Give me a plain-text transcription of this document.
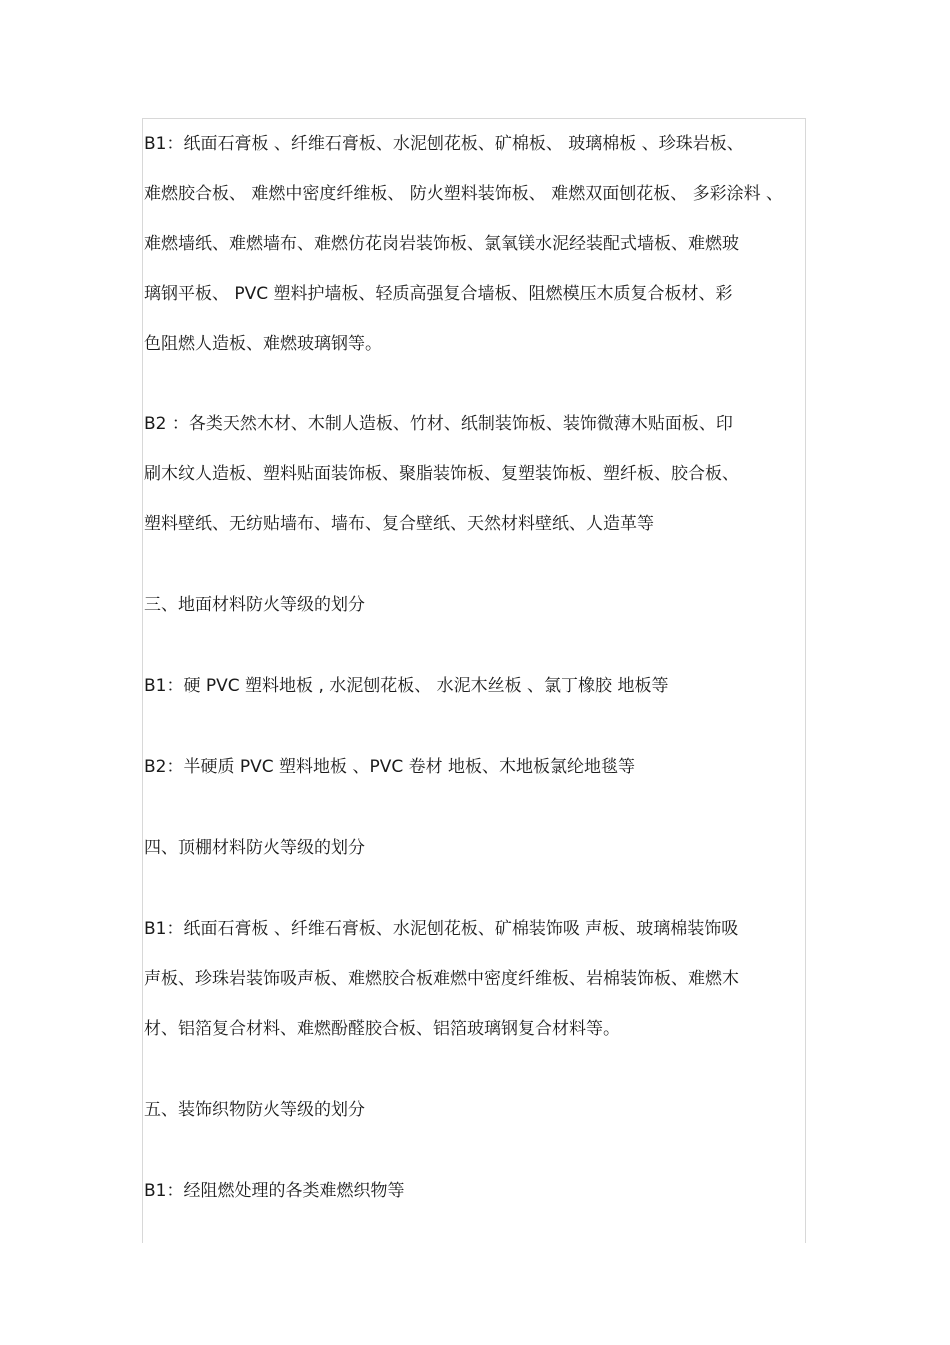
B1：纸面石膏板 、纤维石膏板、水泥刨花板、矿棉板、 玻璃棉板 、珍珠岩板、
难燃胶合板、 难燃中密度纤维板、 防火塑料装饰板、 难燃双面刨花板、 多彩涂料 、
难燃墙纸、难燃墙布、难燃仿花岗岩装饰板、氯氧镁水泥经装配式墙板、难燃玻
璃钢平板、 PVC 塑料护墙板、轻质高强复合墙板、阻燃模压木质复合板材、彩
色阻燃人造板、难燃玻璃钢等。
B2 ：各类天然木材、木制人造板、竹材、纸制装饰板、装饰微薄木贴面板、印
刷木纹人造板、塑料贴面装饰板、聚脂装饰板、复塑装饰板、塑纤板、胶合板、
塑料壁纸、无纺贴墙布、墙布、复合壁纸、天然材料壁纸、人造革等
三、地面材料防火等级的划分
B1：硬 PVC 塑料地板 , 水泥刨花板、 水泥木丝板 、氯丁橡胶 地板等
B2：半硬质 PVC 塑料地板 、PVC 卷材 地板、木地板氯纶地毯等
四、顶棚材料防火等级的划分
B1：纸面石膏板 、纤维石膏板、水泥刨花板、矿棉装饰吸 声板、玻璃棉装饰吸
声板、珍珠岩装饰吸声板、难燃胶合板难燃中密度纤维板、岩棉装饰板、难燃木
材、铝箔复合材料、难燃酚醛胶合板、铝箔玻璃钢复合材料等。
五、装饰织物防火等级的划分
B1：经阻燃处理的各类难燃织物等
